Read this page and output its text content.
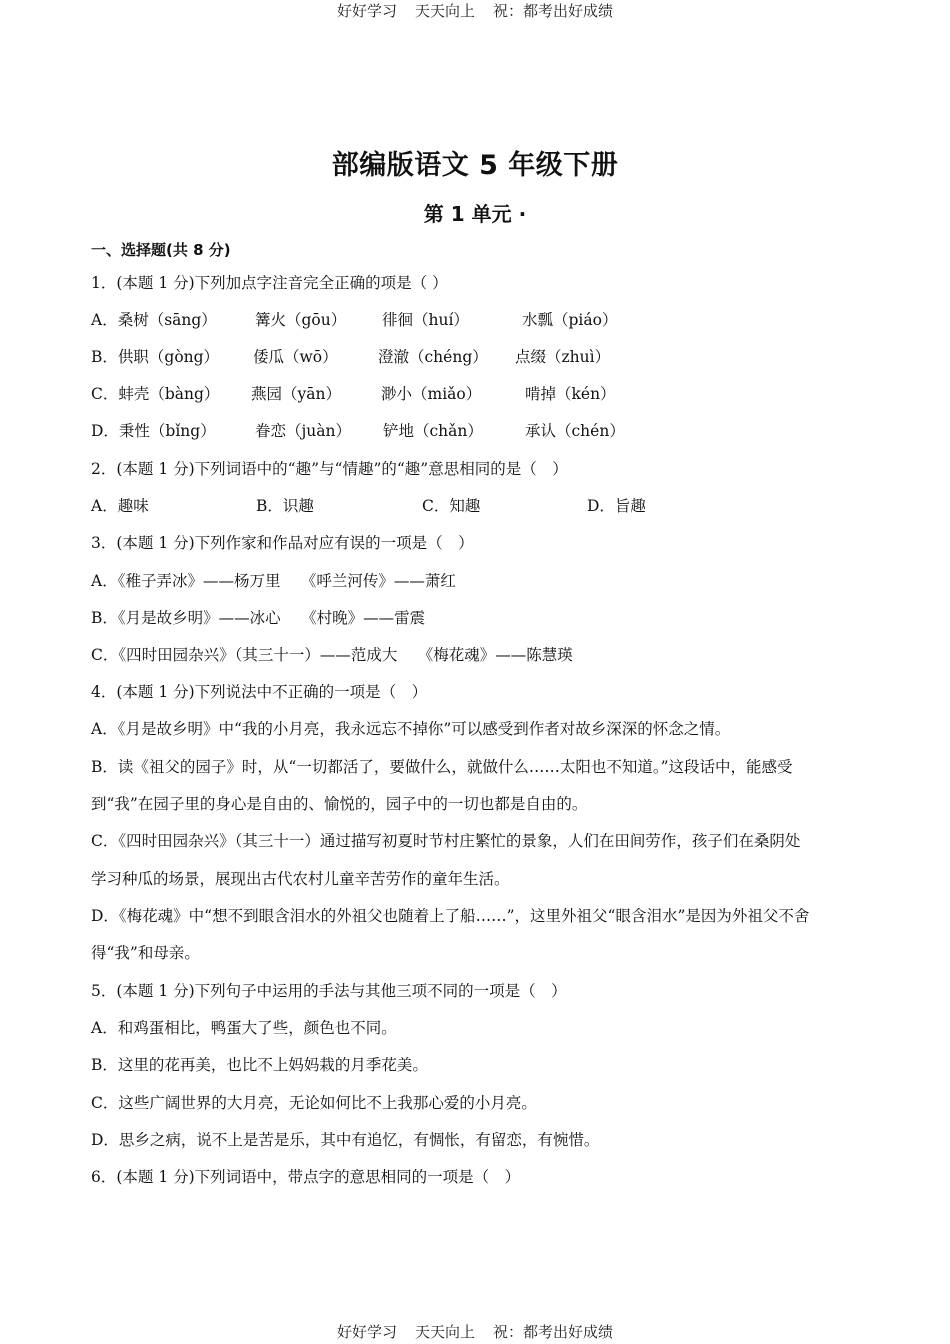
好好学习 天天向上 祝：都考出好成绩
部编版语文 5 年级下册
第 1 单元 ·
一、选择题(共 8 分)
1．(本题 1 分)下列加点字注音完全正确的项是（ ）
A．桑树（sāng） 篝火（gōu） 徘徊（huí）	水瓢（piáo）
B．供职（gòng） 倭瓜（wō）	澄澈（chéng） 点缀（zhuì）
C．蚌壳（bàng） 燕园（yān）	渺小（miǎo）	啃掉（kén）
D．秉性（bǐng）	眷恋（juàn） 铲地（chǎn）	承认（chén）
2．(本题 1 分)下列词语中的“趣”与“情趣”的“趣”意思相同的是（　）
A．趣味	B．识趣	C．知趣	D．旨趣
3．(本题 1 分)下列作家和作品对应有误的一项是（　）
A．《稚子弄冰》——杨万里　 《呼兰河传》——萧红
B．《月是故乡明》——冰心　 《村晚》——雷震
C．《四时田园杂兴》（其三十一）——范成大　 《梅花魂》——陈慧瑛
4．(本题 1 分)下列说法中不正确的一项是（　）
A．《月是故乡明》中“我的小月亮，我永远忘不掉你”可以感受到作者对故乡深深的怀念之情。
B．读《祖父的园子》时，从“一切都活了，要做什么，就做什么……太阳也不知道。”这段话中，能感受
到“我”在园子里的身心是自由的、愉悦的，园子中的一切也都是自由的。
C．《四时田园杂兴》（其三十一）通过描写初夏时节村庄繁忙的景象，人们在田间劳作，孩子们在桑阴处
学习种瓜的场景，展现出古代农村儿童辛苦劳作的童年生活。
D．《梅花魂》中“想不到眼含泪水的外祖父也随着上了船……”，这里外祖父“眼含泪水”是因为外祖父不舍
得“我”和母亲。
5．(本题 1 分)下列句子中运用的手法与其他三项不同的一项是（　）
A．和鸡蛋相比，鸭蛋大了些，颜色也不同。
B．这里的花再美，也比不上妈妈栽的月季花美。
C．这些广阔世界的大月亮，无论如何比不上我那心爱的小月亮。
D．思乡之病，说不上是苦是乐，其中有追忆，有惆怅，有留恋，有惋惜。
6．(本题 1 分)下列词语中，带点字的意思相同的一项是（　）
好好学习 天天向上 祝：都考出好成绩
